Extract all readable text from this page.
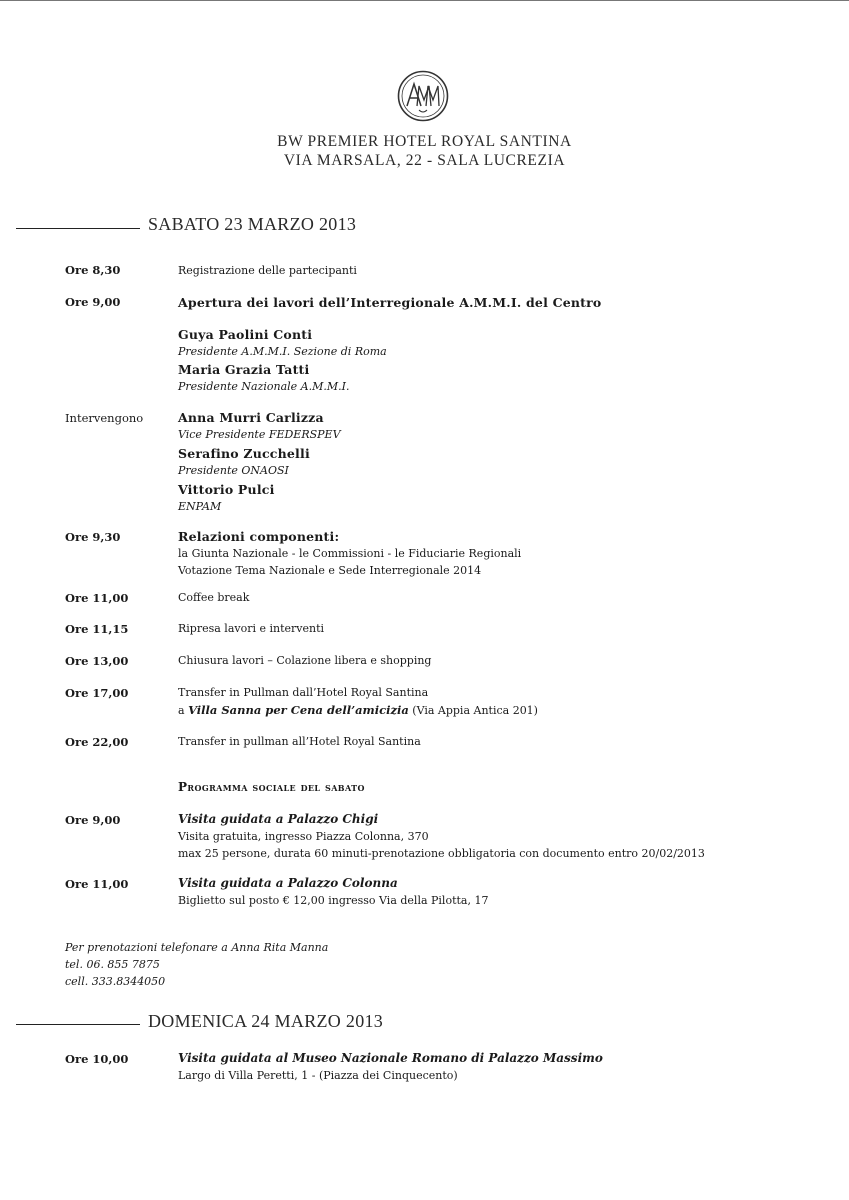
BW PREMIER HOTEL ROYAL SANTINA
VIA MARSALA, 22 - SALA LUCREZIA
SABATO 23 MARZO 2013
Ore 8,30	Registrazione delle partecipanti
Ore 9,00	Apertura dei lavori dell’Interregionale A.M.M.I. del Centro
Guya Paolini Conti
Presidente A.M.M.I. Sezione di Roma
Maria Grazia Tatti
Presidente Nazionale A.M.M.I.
Intervengono	Anna Murri Carlizza
Vice Presidente FEDERSPEV
Serafino Zucchelli
Presidente ONAOSI
Vittorio Pulci
ENPAM
Ore 9,30	Relazioni componenti:
la Giunta Nazionale - le Commissioni - le Fiduciarie Regionali
Votazione Tema Nazionale e Sede Interregionale 2014
Ore 11,00	Coffee break
Ore 11,15	Ripresa lavori e interventi
Ore 13,00	Chiusura lavori – Colazione libera e shopping
Ore 17,00	Transfer in Pullman dall’Hotel Royal Santina
a Villa Sanna per Cena dell’amicizia (Via Appia Antica 201)
Ore 22,00	Transfer in pullman all’Hotel Royal Santina
Programma sociale del sabato
Ore 9,00	Visita guidata a Palazzo Chigi
Visita gratuita, ingresso Piazza Colonna, 370
max 25 persone, durata 60 minuti-prenotazione obbligatoria con documento entro 20/02/2013
Ore 11,00	Visita guidata a Palazzo Colonna
Biglietto sul posto € 12,00 ingresso Via della Pilotta, 17
Per prenotazioni telefonare a Anna Rita Manna
tel. 06. 855 7875
cell. 333.8344050
DOMENICA 24 MARZO 2013
Ore 10,00	Visita guidata al Museo Nazionale Romano di Palazzo Massimo
Largo di Villa Peretti, 1 - (Piazza dei Cinquecento)
